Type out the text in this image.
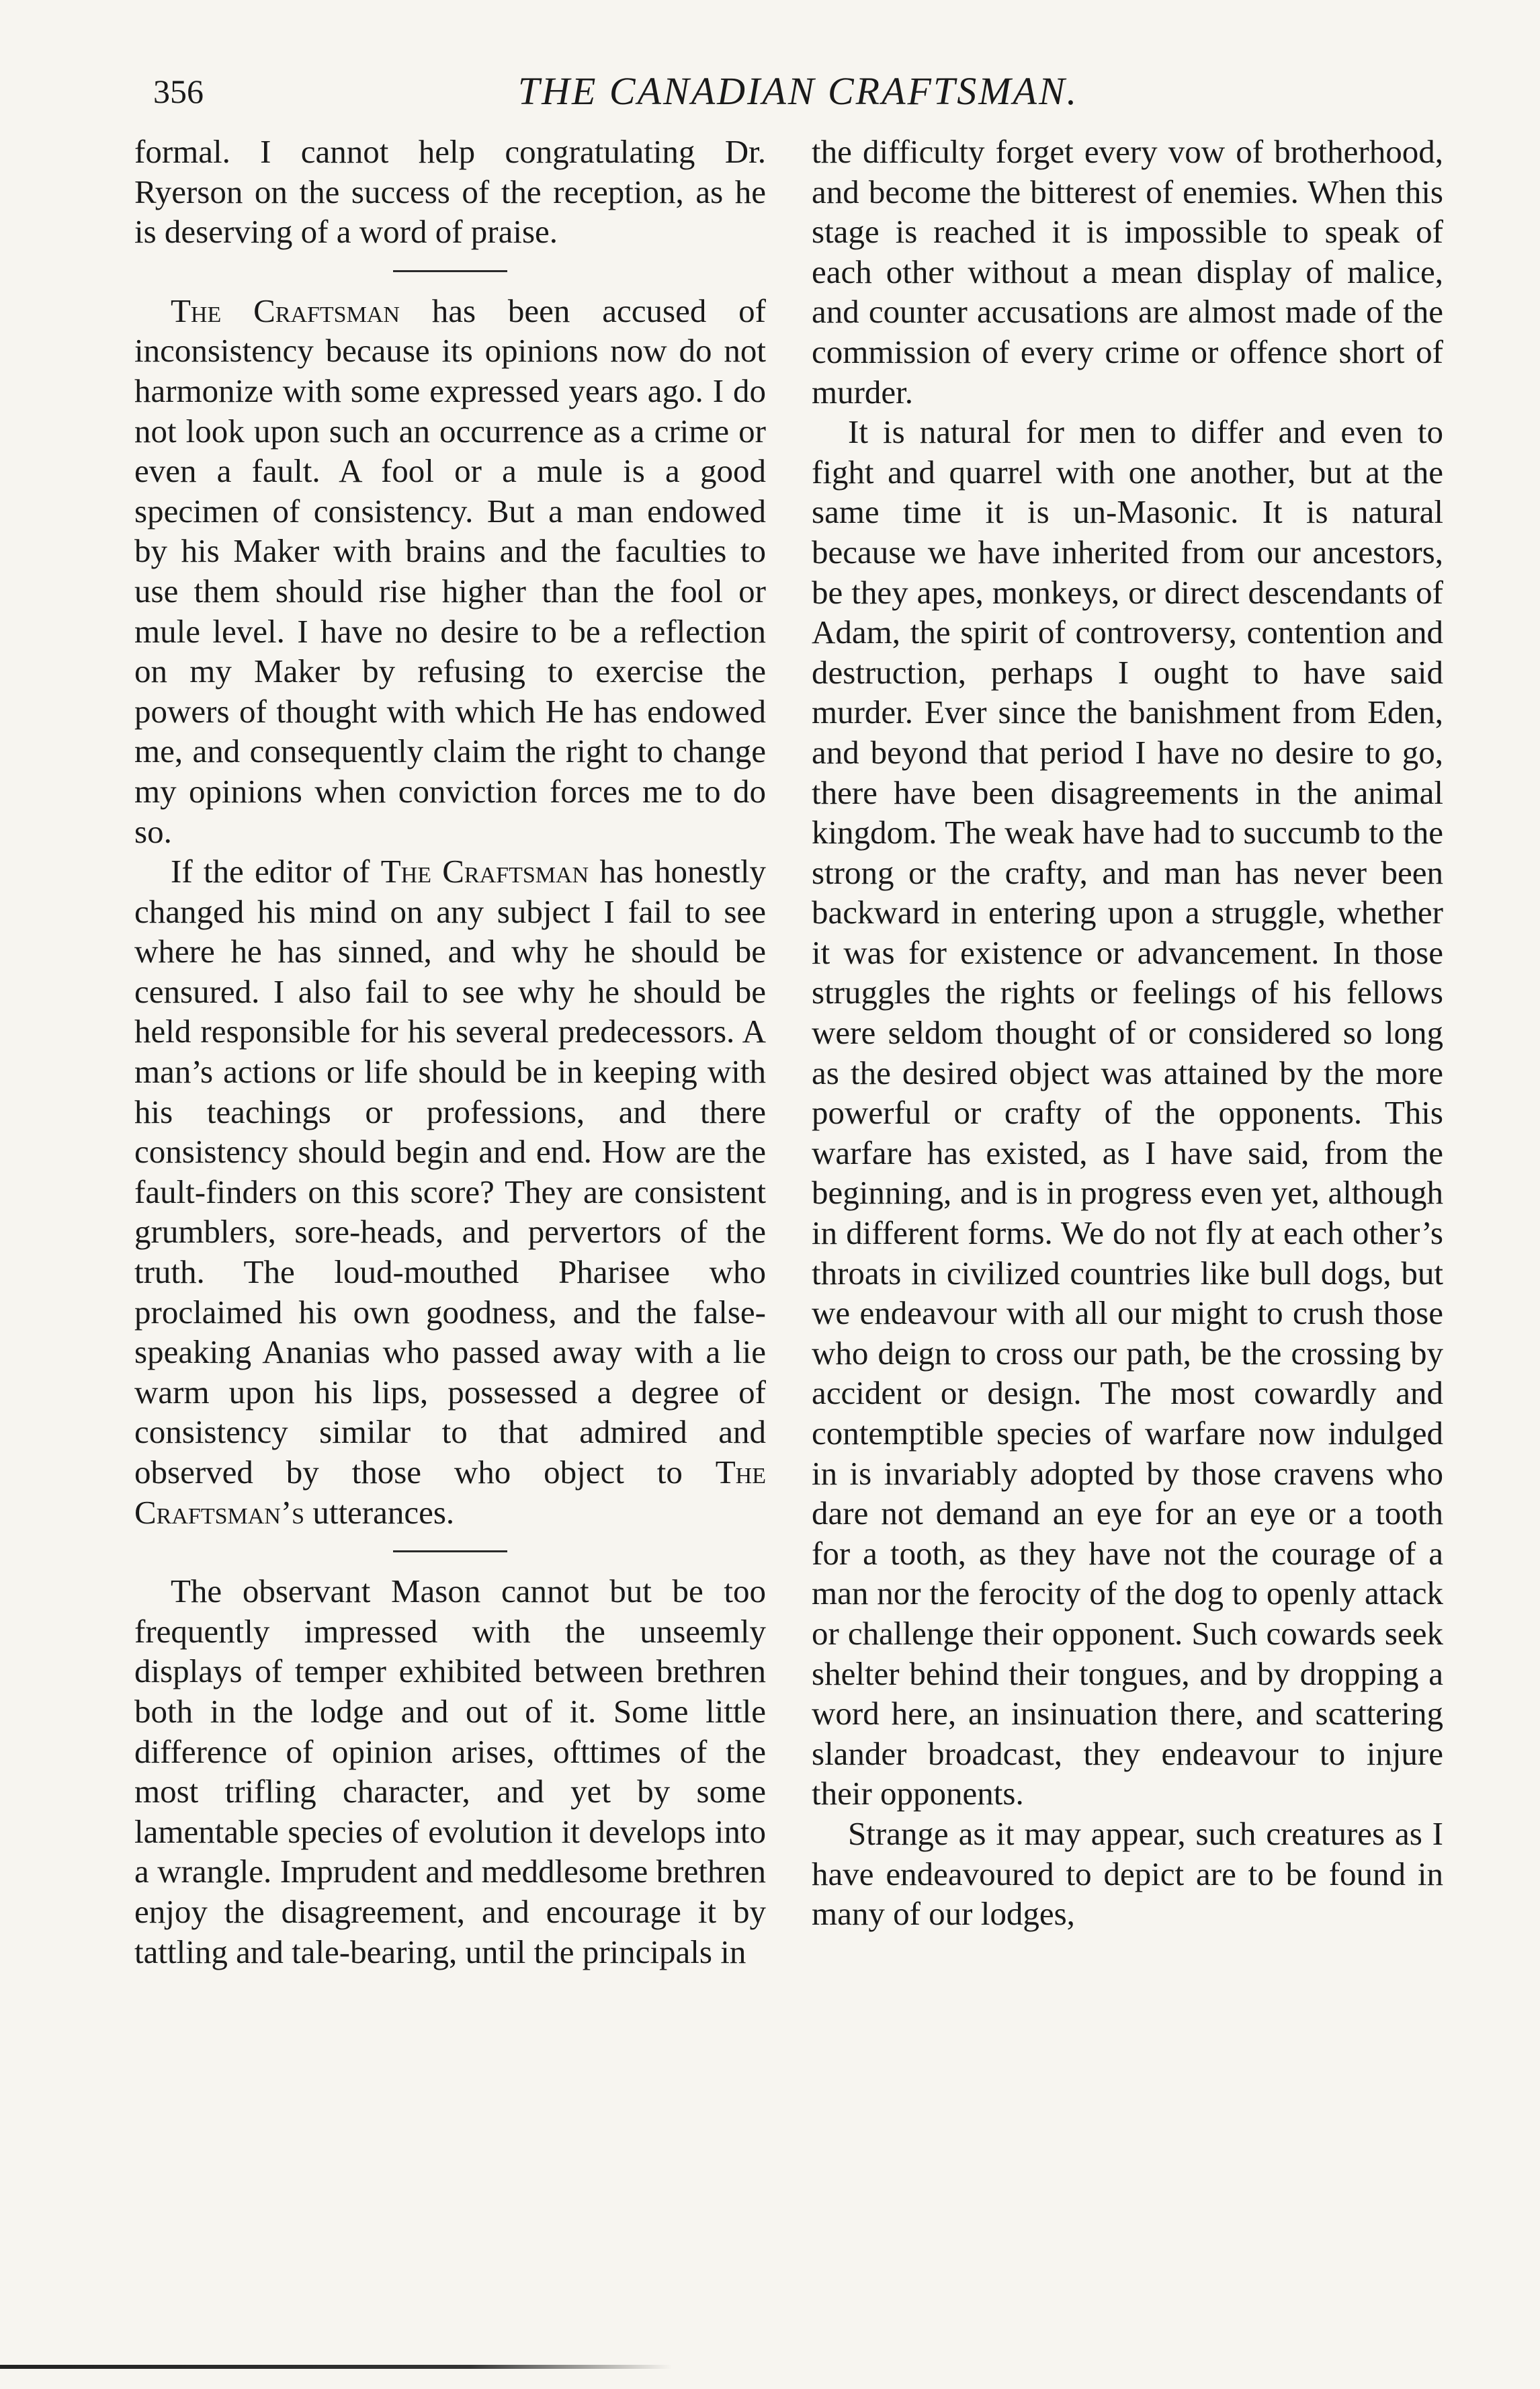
356	THE CANADIAN CRAFTSMAN.

formal. I cannot help congratulating Dr. Ryerson on the success of the reception, as he is deserving of a word of praise.

The Craftsman has been accused of inconsistency because its opinions now do not harmonize with some expressed years ago. I do not look upon such an occurrence as a crime or even a fault. A fool or a mule is a good specimen of consistency. But a man endowed by his Maker with brains and the faculties to use them should rise higher than the fool or mule level. I have no desire to be a reflection on my Maker by refusing to exercise the powers of thought with which He has endowed me, and consequently claim the right to change my opinions when conviction forces me to do so.

If the editor of The Craftsman has honestly changed his mind on any subject I fail to see where he has sinned, and why he should be censured. I also fail to see why he should be held responsible for his several predecessors. A man’s actions or life should be in keeping with his teachings or professions, and there consistency should begin and end. How are the fault-finders on this score? They are consistent grumblers, sore-heads, and pervertors of the truth. The loud-mouthed Pharisee who proclaimed his own goodness, and the false-speaking Ananias who passed away with a lie warm upon his lips, possessed a degree of consistency similar to that admired and observed by those who object to The Craftsman’s utterances.

The observant Mason cannot but be too frequently impressed with the unseemly displays of temper exhibited between brethren both in the lodge and out of it. Some little difference of opinion arises, ofttimes of the most trifling character, and yet by some lamentable species of evolution it develops into a wrangle. Imprudent and meddlesome brethren enjoy the disagreement, and encourage it by tattling and tale-bearing, until the principals in

the difficulty forget every vow of brotherhood, and become the bitterest of enemies. When this stage is reached it is impossible to speak of each other without a mean display of malice, and counter accusations are almost made of the commission of every crime or offence short of murder.

It is natural for men to differ and even to fight and quarrel with one another, but at the same time it is un-Masonic. It is natural because we have inherited from our ancestors, be they apes, monkeys, or direct descendants of Adam, the spirit of controversy, contention and destruction, perhaps I ought to have said murder. Ever since the banishment from Eden, and beyond that period I have no desire to go, there have been disagreements in the animal kingdom. The weak have had to succumb to the strong or the crafty, and man has never been backward in entering upon a struggle, whether it was for existence or advancement. In those struggles the rights or feelings of his fellows were seldom thought of or considered so long as the desired object was attained by the more powerful or crafty of the opponents. This warfare has existed, as I have said, from the beginning, and is in progress even yet, although in different forms. We do not fly at each other’s throats in civilized countries like bull dogs, but we endeavour with all our might to crush those who deign to cross our path, be the crossing by accident or design. The most cowardly and contemptible species of warfare now indulged in is invariably adopted by those cravens who dare not demand an eye for an eye or a tooth for a tooth, as they have not the courage of a man nor the ferocity of the dog to openly attack or challenge their opponent. Such cowards seek shelter behind their tongues, and by dropping a word here, an insinuation there, and scattering slander broadcast, they endeavour to injure their opponents.

Strange as it may appear, such creatures as I have endeavoured to depict are to be found in many of our lodges,
